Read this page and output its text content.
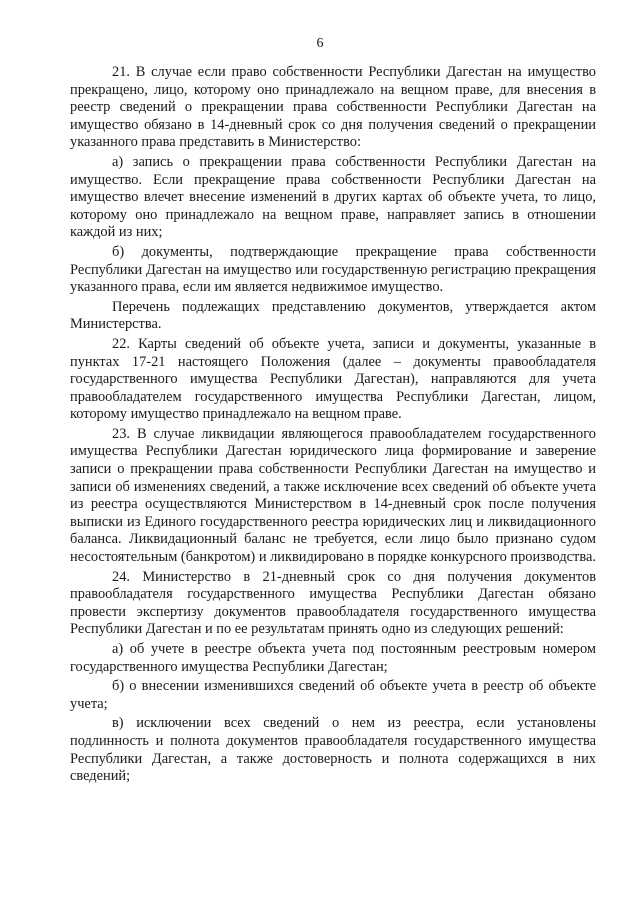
6

21. В случае если право собственности Республики Дагестан на имущество прекращено, лицо, которому оно принадлежало на вещном праве, для внесения в реестр сведений о прекращении права собственности Республики Дагестан на имущество обязано в 14-дневный срок со дня получения сведений о прекращении указанного права представить в Министерство:

а) запись о прекращении права собственности Республики Дагестан на имущество. Если прекращение права собственности Республики Дагестан на имущество влечет внесение изменений в других картах об объекте учета, то лицо, которому оно принадлежало на вещном праве, направляет запись в отношении каждой из них;

б) документы, подтверждающие прекращение права собственности Республики Дагестан на имущество или государственную регистрацию прекращения указанного права, если им является недвижимое имущество.

Перечень подлежащих представлению документов, утверждается актом Министерства.

22. Карты сведений об объекте учета, записи и документы, указанные в пунктах 17-21 настоящего Положения (далее – документы правообладателя государственного имущества Республики Дагестан), направляются для учета правообладателем государственного имущества Республики Дагестан, лицом, которому имущество принадлежало на вещном праве.

23. В случае ликвидации являющегося правообладателем государственного имущества Республики Дагестан юридического лица формирование и заверение записи о прекращении права собственности Республики Дагестан на имущество и записи об изменениях сведений, а также исключение всех сведений об объекте учета из реестра осуществляются Министерством в 14-дневный срок после получения выписки из Единого государственного реестра юридических лиц и ликвидационного баланса. Ликвидационный баланс не требуется, если лицо было признано судом несостоятельным (банкротом) и ликвидировано в порядке конкурсного производства.

24. Министерство в 21-дневный срок со дня получения документов правообладателя государственного имущества Республики Дагестан обязано провести экспертизу документов правообладателя государственного имущества Республики Дагестан и по ее результатам принять одно из следующих решений:

а) об учете в реестре объекта учета под постоянным реестровым номером государственного имущества Республики Дагестан;

б) о внесении изменившихся сведений об объекте учета в реестр об объекте учета;

в) исключении всех сведений о нем из реестра, если установлены подлинность и полнота документов правообладателя государственного имущества Республики Дагестан, а также достоверность и полнота содержащихся в них сведений;
